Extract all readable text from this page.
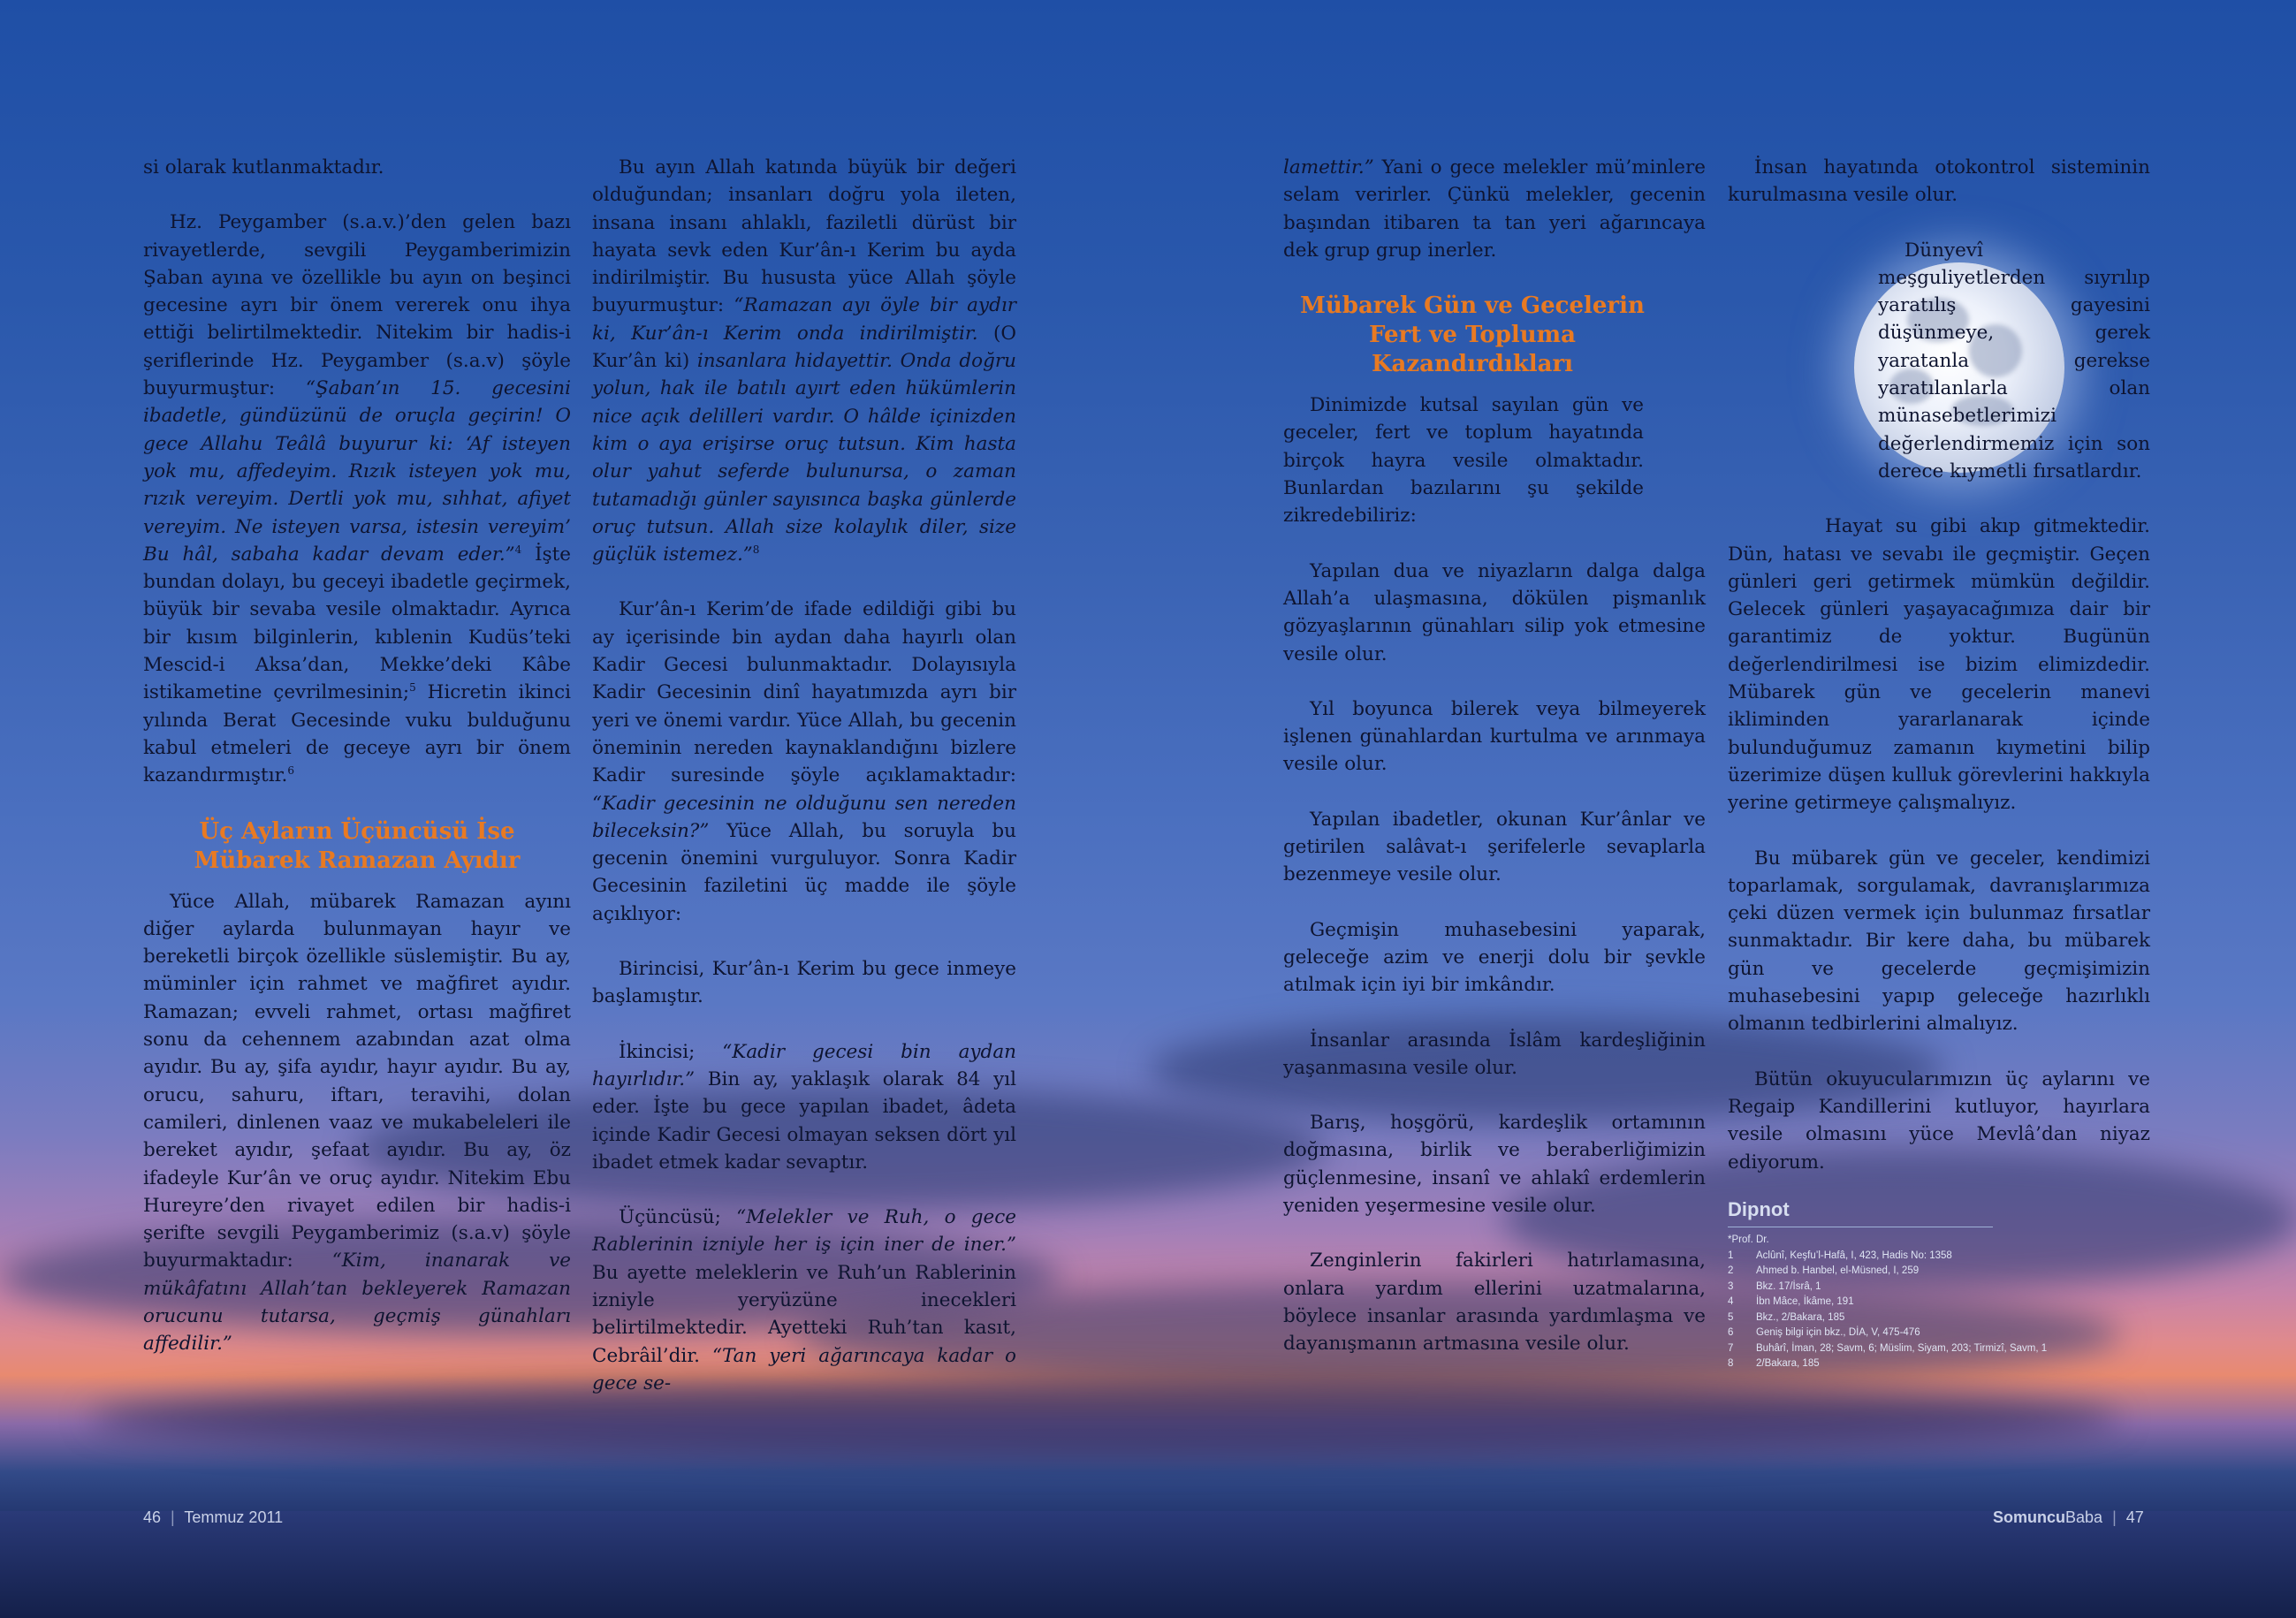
si olarak kutlanmaktadır.

Hz. Peygamber (s.a.v.)’den gelen bazı rivayetlerde, sevgili Peygamberimizin Şaban ayına ve özellikle bu ayın on beşinci gecesine ayrı bir önem vererek onu ihya ettiği belirtilmektedir. Nitekim bir hadis-i şeriflerinde Hz. Peygamber (s.a.v) şöyle buyurmuştur: “Şaban’ın 15. gecesini ibadetle, gündüzünü de oruçla geçirin! O gece Allahu Teâlâ buyurur ki: ‘Af isteyen yok mu, affedeyim. Rızık isteyen yok mu, rızık vereyim. Dertli yok mu, sıhhat, afiyet vereyim. Ne isteyen varsa, istesin vereyim’ Bu hâl, sabaha kadar devam eder.”$^4$ İşte bundan dolayı, bu geceyi ibadetle geçirmek, büyük bir sevaba vesile olmaktadır. Ayrıca bir kısım bilginlerin, kıblenin Kudüs’teki Mescid-i Aksa’dan, Mekke’deki Kâbe istikametine çevrilmesinin;$^5$ Hicretin ikinci yılında Berat Gecesinde vuku bulduğunu kabul etmeleri de geceye ayrı bir önem kazandırmıştır.$^6$

Üç Ayların Üçüncüsü İse Mübarek Ramazan Ayıdır

Yüce Allah, mübarek Ramazan ayını diğer aylarda bulunmayan hayır ve bereketli birçok özellikle süslemiştir. Bu ay, müminler için rahmet ve mağfiret ayıdır. Ramazan; evveli rahmet, ortası mağfiret sonu da cehennem azabından azat olma ayıdır. Bu ay, şifa ayıdır, hayır ayıdır. Bu ay, orucu, sahuru, iftarı, teravihi, dolan camileri, dinlenen vaaz ve mukabeleleri ile bereket ayıdır, şefaat ayıdır. Bu ay, öz ifadeyle Kur’ân ve oruç ayıdır. Nitekim Ebu Hureyre’den rivayet edilen bir hadis-i şerifte sevgili Peygamberimiz (s.a.v) şöyle buyurmaktadır: “Kim, inanarak ve mükâfatını Allah’tan bekleyerek Ramazan orucunu tutarsa, geçmiş günahları affedilir.”

Bu ayın Allah katında büyük bir değeri olduğundan; insanları doğru yola ileten, insana insanı ahlaklı, faziletli dürüst bir hayata sevk eden Kur’ân-ı Kerim bu ayda indirilmiştir. Bu hususta yüce Allah şöyle buyurmuştur: “Ramazan ayı öyle bir aydır ki, Kur’ân-ı Kerim onda indirilmiştir. (O Kur’ân ki) insanlara hidayettir. Onda doğru yolun, hak ile batılı ayırt eden hükümlerin nice açık delilleri vardır. O hâlde içinizden kim o aya erişirse oruç tutsun. Kim hasta olur yahut seferde bulunursa, o zaman tutamadığı günler sayısınca başka günlerde oruç tutsun. Allah size kolaylık diler, size güçlük istemez.”$^8$

Kur’ân-ı Kerim’de ifade edildiği gibi bu ay içerisinde bin aydan daha hayırlı olan Kadir Gecesi bulunmaktadır. Dolayısıyla Kadir Gecesinin dinî hayatımızda ayrı bir yeri ve önemi vardır. Yüce Allah, bu gecenin öneminin nereden kaynaklandığını bizlere Kadir suresinde şöyle açıklamaktadır: “Kadir gecesinin ne olduğunu sen nereden bileceksin?” Yüce Allah, bu soruyla bu gecenin önemini vurguluyor. Sonra Kadir Gecesinin faziletini üç madde ile şöyle açıklıyor:

Birincisi, Kur’ân-ı Kerim bu gece inmeye başlamıştır.

İkincisi; “Kadir gecesi bin aydan hayırlıdır.” Bin ay, yaklaşık olarak 84 yıl eder. İşte bu gece yapılan ibadet, âdeta içinde Kadir Gecesi olmayan seksen dört yıl ibadet etmek kadar sevaptır.

Üçüncüsü; “Melekler ve Ruh, o gece Rablerinin izniyle her iş için iner de iner.” Bu ayette meleklerin ve Ruh’un Rablerinin izniyle yeryüzüne inecekleri belirtilmektedir. Ayetteki Ruh’tan kasıt, Cebrâil’dir. “Tan yeri ağarıncaya kadar o gece se-

lamettir.” Yani o gece melekler mü’minlere selam verirler. Çünkü melekler, gecenin başından itibaren ta tan yeri ağarıncaya dek grup grup inerler.

Mübarek Gün ve Gecelerin Fert ve Topluma Kazandırdıkları

Dinimizde kutsal sayılan gün ve geceler, fert ve toplum hayatında birçok hayra vesile olmaktadır. Bunlardan bazılarını şu şekilde zikredebiliriz:

Yapılan dua ve niyazların dalga dalga Allah’a ulaşmasına, dökülen pişmanlık gözyaşlarının günahları silip yok etmesine vesile olur.

Yıl boyunca bilerek veya bilmeyerek işlenen günahlardan kurtulma ve arınmaya vesile olur.

Yapılan ibadetler, okunan Kur’ânlar ve getirilen salâvat-ı şerifelerle sevaplarla bezenmeye vesile olur.

Geçmişin muhasebesini yaparak, geleceğe azim ve enerji dolu bir şevkle atılmak için iyi bir imkândır.

İnsanlar arasında İslâm kardeşliğinin yaşanmasına vesile olur.

Barış, hoşgörü, kardeşlik ortamının doğmasına, birlik ve beraberliğimizin güçlenmesine, insanî ve ahlakî erdemlerin yeniden yeşermesine vesile olur.

Zenginlerin fakirleri hatırlamasına, onlara yardım ellerini uzatmalarına, böylece insanlar arasında yardımlaşma ve dayanışmanın artmasına vesile olur.

İnsan hayatında otokontrol sisteminin kurulmasına vesile olur.

Dünyevî meşguliyetlerden sıyrılıp yaratılış gayesini düşünmeye, gerek yaratanla gerekse yaratılanlarla olan münasebetlerimizi değerlendirmemiz için son derece kıymetli fırsatlardır.

Hayat su gibi akıp gitmektedir. Dün, hatası ve sevabı ile geçmiştir. Geçen günleri geri getirmek mümkün değildir. Gelecek günleri yaşayacağımıza dair bir garantimiz de yoktur. Bugünün değerlendirilmesi ise bizim elimizdedir. Mübarek gün ve gecelerin manevi ikliminden yararlanarak içinde bulunduğumuz zamanın kıymetini bilip üzerimize düşen kulluk görevlerini hakkıyla yerine getirmeye çalışmalıyız.

Bu mübarek gün ve geceler, kendimizi toparlamak, sorgulamak, davranışlarımıza çeki düzen vermek için bulunmaz fırsatlar sunmaktadır. Bir kere daha, bu mübarek gün ve gecelerde geçmişimizin muhasebesini yapıp geleceğe hazırlıklı olmanın tedbirlerini almalıyız.

Bütün okuyucularımızın üç aylarını ve Regaip Kandillerini kutluyor, hayırlara vesile olmasını yüce Mevlâ’dan niyaz ediyorum.

Dipnot
*Prof. Dr.
1 Aclûnî, Keşfu’l-Hafâ, I, 423, Hadis No: 1358
2 Ahmed b. Hanbel, el-Müsned, I, 259
3 Bkz. 17/İsrâ, 1
4 İbn Mâce, İkâme, 191
5 Bkz., 2/Bakara, 185
6 Geniş bilgi için bkz., DİA, V, 475-476
7 Buhârî, İman, 28; Savm, 6; Müslim, Siyam, 203; Tirmizî, Savm, 1
8 2/Bakara, 185
46 | Temmuz 2011	SomuncuBaba | 47
